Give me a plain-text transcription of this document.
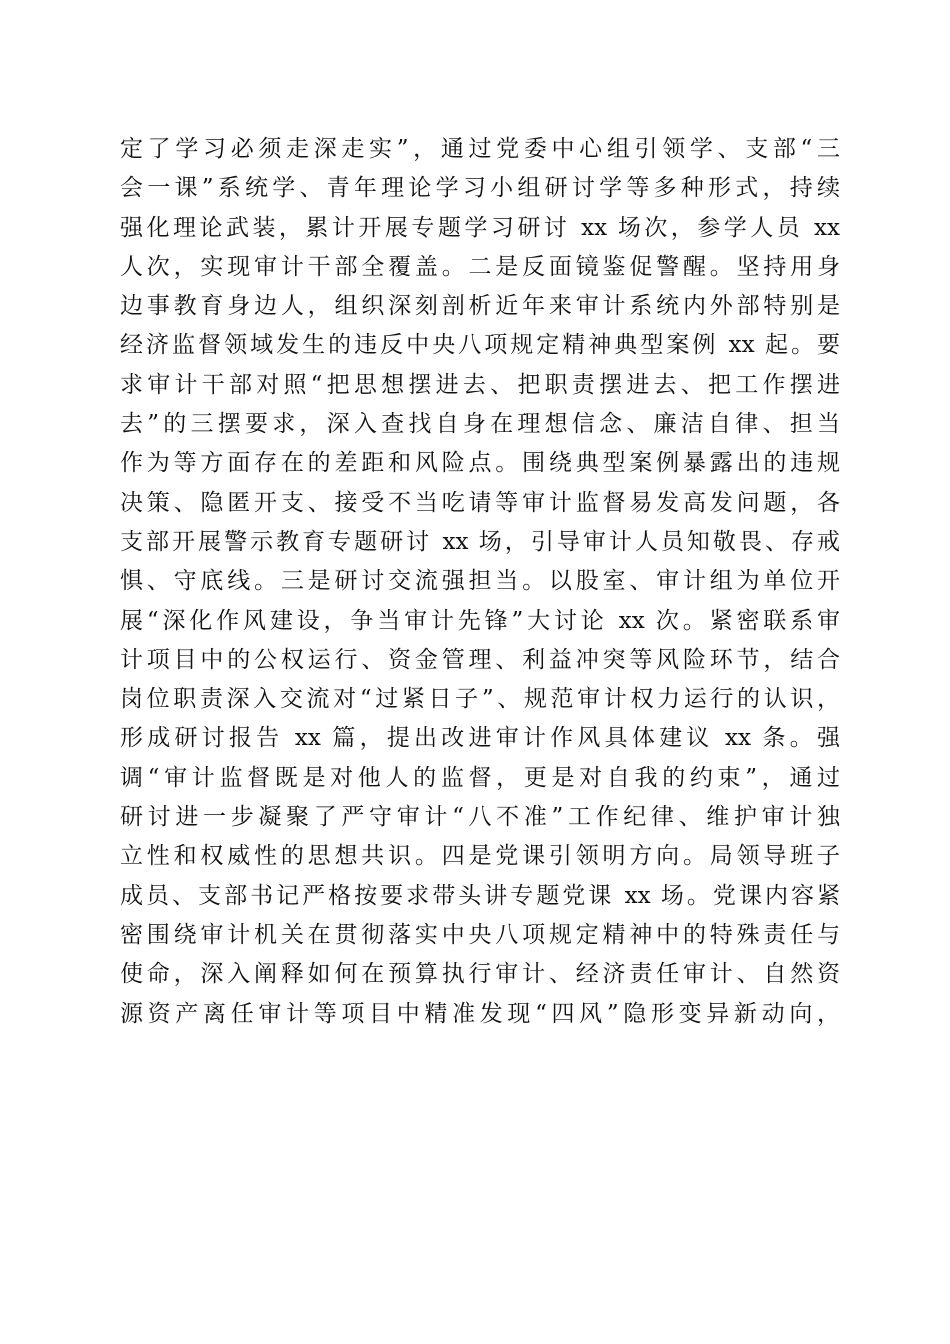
定了学习必须走深走实”，通过党委中心组引领学、支部“三
会一课”系统学、青年理论学习小组研讨学等多种形式，持续
强化理论武装，累计开展专题学习研讨 xx 场次，参学人员 xx
人次，实现审计干部全覆盖。二是反面镜鉴促警醒。坚持用身
边事教育身边人，组织深刻剖析近年来审计系统内外部特别是
经济监督领域发生的违反中央八项规定精神典型案例 xx 起。要
求审计干部对照“把思想摆进去、把职责摆进去、把工作摆进
去”的三摆要求，深入查找自身在理想信念、廉洁自律、担当
作为等方面存在的差距和风险点。围绕典型案例暴露出的违规
决策、隐匿开支、接受不当吃请等审计监督易发高发问题，各
支部开展警示教育专题研讨 xx 场，引导审计人员知敬畏、存戒
惧、守底线。三是研讨交流强担当。以股室、审计组为单位开
展“深化作风建设，争当审计先锋”大讨论 xx 次。紧密联系审
计项目中的公权运行、资金管理、利益冲突等风险环节，结合
岗位职责深入交流对“过紧日子”、规范审计权力运行的认识，
形成研讨报告 xx 篇，提出改进审计作风具体建议 xx 条。强
调“审计监督既是对他人的监督，更是对自我的约束”，通过
研讨进一步凝聚了严守审计“八不准”工作纪律、维护审计独
立性和权威性的思想共识。四是党课引领明方向。局领导班子
成员、支部书记严格按要求带头讲专题党课 xx 场。党课内容紧
密围绕审计机关在贯彻落实中央八项规定精神中的特殊责任与
使命，深入阐释如何在预算执行审计、经济责任审计、自然资
源资产离任审计等项目中精准发现“四风”隐形变异新动向，
